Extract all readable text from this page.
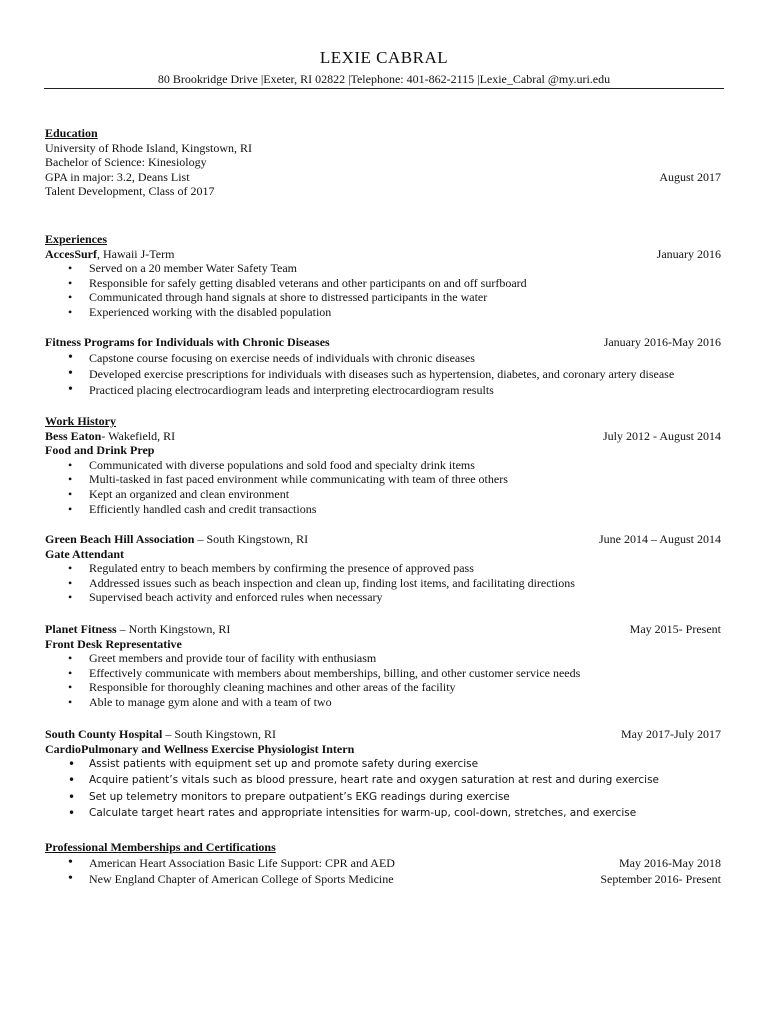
LEXIE CABRAL
80 Brookridge Drive |Exeter, RI 02822 |Telephone: 401-862-2115 |Lexie_Cabral @my.uri.edu
Education
University of Rhode Island, Kingstown, RI
Bachelor of Science: Kinesiology
GPA in major: 3.2, Deans List	August 2017
Talent Development, Class of 2017
Experiences
AccesSurf, Hawaii J-Term	January 2016
• Served on a 20 member Water Safety Team
• Responsible for safely getting disabled veterans and other participants on and off surfboard
• Communicated through hand signals at shore to distressed participants in the water
• Experienced working with the disabled population
Fitness Programs for Individuals with Chronic Diseases	January 2016-May 2016
• Capstone course focusing on exercise needs of individuals with chronic diseases
• Developed exercise prescriptions for individuals with diseases such as hypertension, diabetes, and coronary artery disease
• Practiced placing electrocardiogram leads and interpreting electrocardiogram results
Work History
Bess Eaton- Wakefield, RI	July 2012 - August 2014
Food and Drink Prep
• Communicated with diverse populations and sold food and specialty drink items
• Multi-tasked in fast paced environment while communicating with team of three others
• Kept an organized and clean environment
• Efficiently handled cash and credit transactions
Green Beach Hill Association – South Kingstown, RI	June 2014 – August 2014
Gate Attendant
• Regulated entry to beach members by confirming the presence of approved pass
• Addressed issues such as beach inspection and clean up, finding lost items, and facilitating directions
• Supervised beach activity and enforced rules when necessary
Planet Fitness – North Kingstown, RI	May 2015- Present
Front Desk Representative
• Greet members and provide tour of facility with enthusiasm
• Effectively communicate with members about memberships, billing, and other customer service needs
• Responsible for thoroughly cleaning machines and other areas of the facility
• Able to manage gym alone and with a team of two
South County Hospital – South Kingstown, RI	May 2017-July 2017
CardioPulmonary and Wellness Exercise Physiologist Intern
• Assist patients with equipment set up and promote safety during exercise
• Acquire patient’s vitals such as blood pressure, heart rate and oxygen saturation at rest and during exercise
• Set up telemetry monitors to prepare outpatient’s EKG readings during exercise
• Calculate target heart rates and appropriate intensities for warm-up, cool-down, stretches, and exercise
Professional Memberships and Certifications
• American Heart Association Basic Life Support: CPR and AED	May 2016-May 2018
• New England Chapter of American College of Sports Medicine	September 2016- Present
